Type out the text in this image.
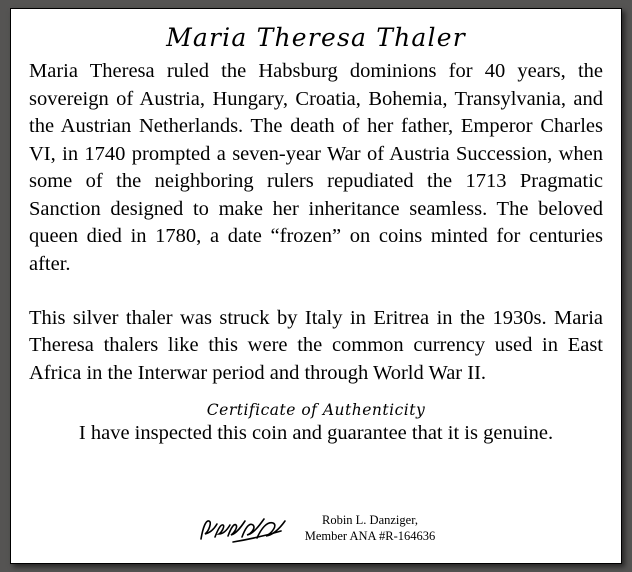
Maria Theresa Thaler

Maria Theresa ruled the Habsburg dominions for 40 years, the sovereign of Austria, Hungary, Croatia, Bohemia, Transylvania, and the Austrian Netherlands. The death of her father, Emperor Charles VI, in 1740 prompted a seven-year War of Austria Succession, when some of the neighboring rulers repudiated the 1713 Pragmatic Sanction designed to make her inheritance seamless. The beloved queen died in 1780, a date “frozen” on coins minted for centuries after.

This silver thaler was struck by Italy in Eritrea in the 1930s. Maria Theresa thalers like this were the common currency used in East Africa in the Interwar period and through World War II.

Certificate of Authenticity

I have inspected this coin and guarantee that it is genuine.

Robin L. Danziger,
Member ANA #R-164636
